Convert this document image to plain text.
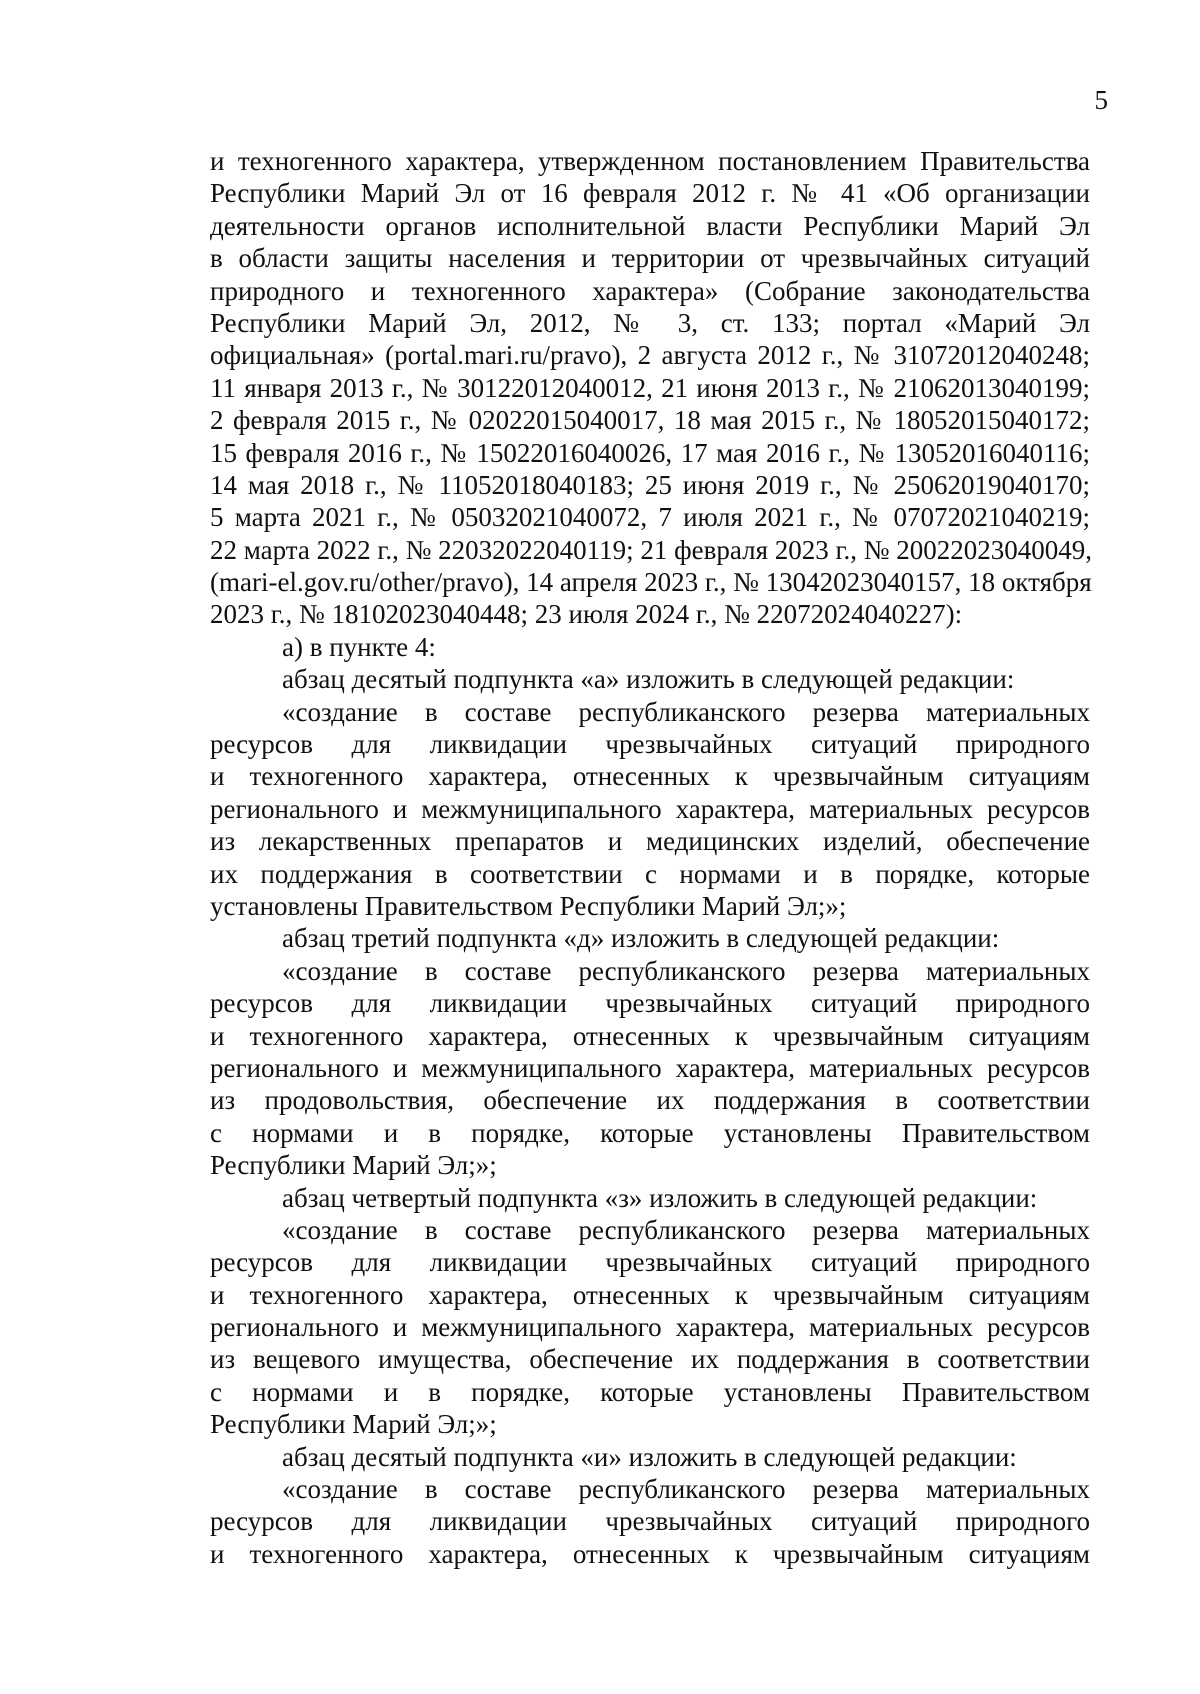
5
и техногенного характера, утвержденном постановлением Правительства
Республики Марий Эл от 16 февраля 2012 г. № 41 «Об организации
деятельности органов исполнительной власти Республики Марий Эл
в области защиты населения и территории от чрезвычайных ситуаций
природного и техногенного характера» (Собрание законодательства
Республики Марий Эл, 2012, № 3, ст. 133; портал «Марий Эл
официальная» (portal.mari.ru/pravo), 2 августа 2012 г., № 31072012040248;
11 января 2013 г., № 30122012040012, 21 июня 2013 г., № 21062013040199;
2 февраля 2015 г., № 02022015040017, 18 мая 2015 г., № 18052015040172;
15 февраля 2016 г., № 15022016040026, 17 мая 2016 г., № 13052016040116;
14 мая 2018 г., № 11052018040183; 25 июня 2019 г., № 25062019040170;
5 марта 2021 г., № 05032021040072, 7 июля 2021 г., № 07072021040219;
22 марта 2022 г., № 22032022040119; 21 февраля 2023 г., № 20022023040049,
(mari-el.gov.ru/other/pravo), 14 апреля 2023 г., № 13042023040157, 18 октября
2023 г., № 18102023040448; 23 июля 2024 г., № 22072024040227):
а) в пункте 4:
абзац десятый подпункта «а» изложить в следующей редакции:
«создание в составе республиканского резерва материальных
ресурсов для ликвидации чрезвычайных ситуаций природного
и техногенного характера, отнесенных к чрезвычайным ситуациям
регионального и межмуниципального характера, материальных ресурсов
из лекарственных препаратов и медицинских изделий, обеспечение
их поддержания в соответствии с нормами и в порядке, которые
установлены Правительством Республики Марий Эл;»;
абзац третий подпункта «д» изложить в следующей редакции:
«создание в составе республиканского резерва материальных
ресурсов для ликвидации чрезвычайных ситуаций природного
и техногенного характера, отнесенных к чрезвычайным ситуациям
регионального и межмуниципального характера, материальных ресурсов
из продовольствия, обеспечение их поддержания в соответствии
с нормами и в порядке, которые установлены Правительством
Республики Марий Эл;»;
абзац четвертый подпункта «з» изложить в следующей редакции:
«создание в составе республиканского резерва материальных
ресурсов для ликвидации чрезвычайных ситуаций природного
и техногенного характера, отнесенных к чрезвычайным ситуациям
регионального и межмуниципального характера, материальных ресурсов
из вещевого имущества, обеспечение их поддержания в соответствии
с нормами и в порядке, которые установлены Правительством
Республики Марий Эл;»;
абзац десятый подпункта «и» изложить в следующей редакции:
«создание в составе республиканского резерва материальных
ресурсов для ликвидации чрезвычайных ситуаций природного
и техногенного характера, отнесенных к чрезвычайным ситуациям
